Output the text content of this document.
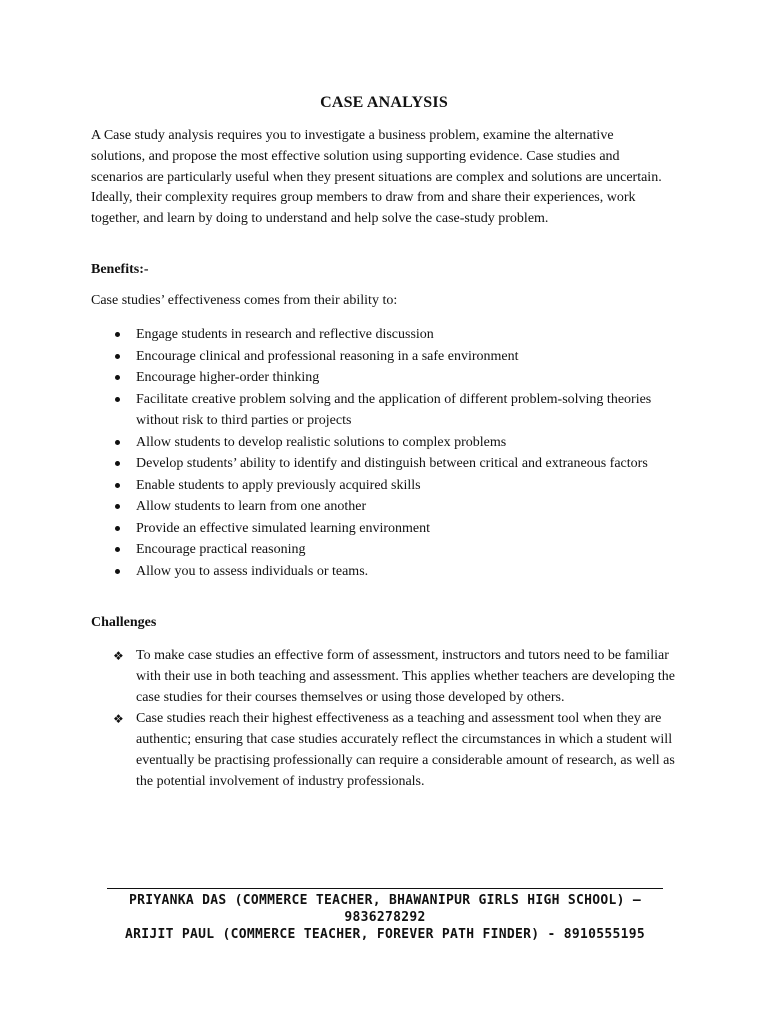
CASE ANALYSIS
A Case study analysis requires you to investigate a business problem, examine the alternative solutions, and propose the most effective solution using supporting evidence. Case studies and scenarios are particularly useful when they present situations are complex and solutions are uncertain. Ideally, their complexity requires group members to draw from and share their experiences, work together, and learn by doing to understand and help solve the case-study problem.
Benefits:-
Case studies’ effectiveness comes from their ability to:
Engage students in research and reflective discussion
Encourage clinical and professional reasoning in a safe environment
Encourage higher-order thinking
Facilitate creative problem solving and the application of different problem-solving theories without risk to third parties or projects
Allow students to develop realistic solutions to complex problems
Develop students’ ability to identify and distinguish between critical and extraneous factors
Enable students to apply previously acquired skills
Allow students to learn from one another
Provide an effective simulated learning environment
Encourage practical reasoning
Allow you to assess individuals or teams.
Challenges
❖ To make case studies an effective form of assessment, instructors and tutors need to be familiar with their use in both teaching and assessment. This applies whether teachers are developing the case studies for their courses themselves or using those developed by others.
❖ Case studies reach their highest effectiveness as a teaching and assessment tool when they are authentic; ensuring that case studies accurately reflect the circumstances in which a student will eventually be practising professionally can require a considerable amount of research, as well as the potential involvement of industry professionals.
PRIYANKA DAS (COMMERCE TEACHER, BHAWANIPUR GIRLS HIGH SCHOOL) – 9836278292
ARIJIT PAUL (COMMERCE TEACHER, FOREVER PATH FINDER) - 8910555195
